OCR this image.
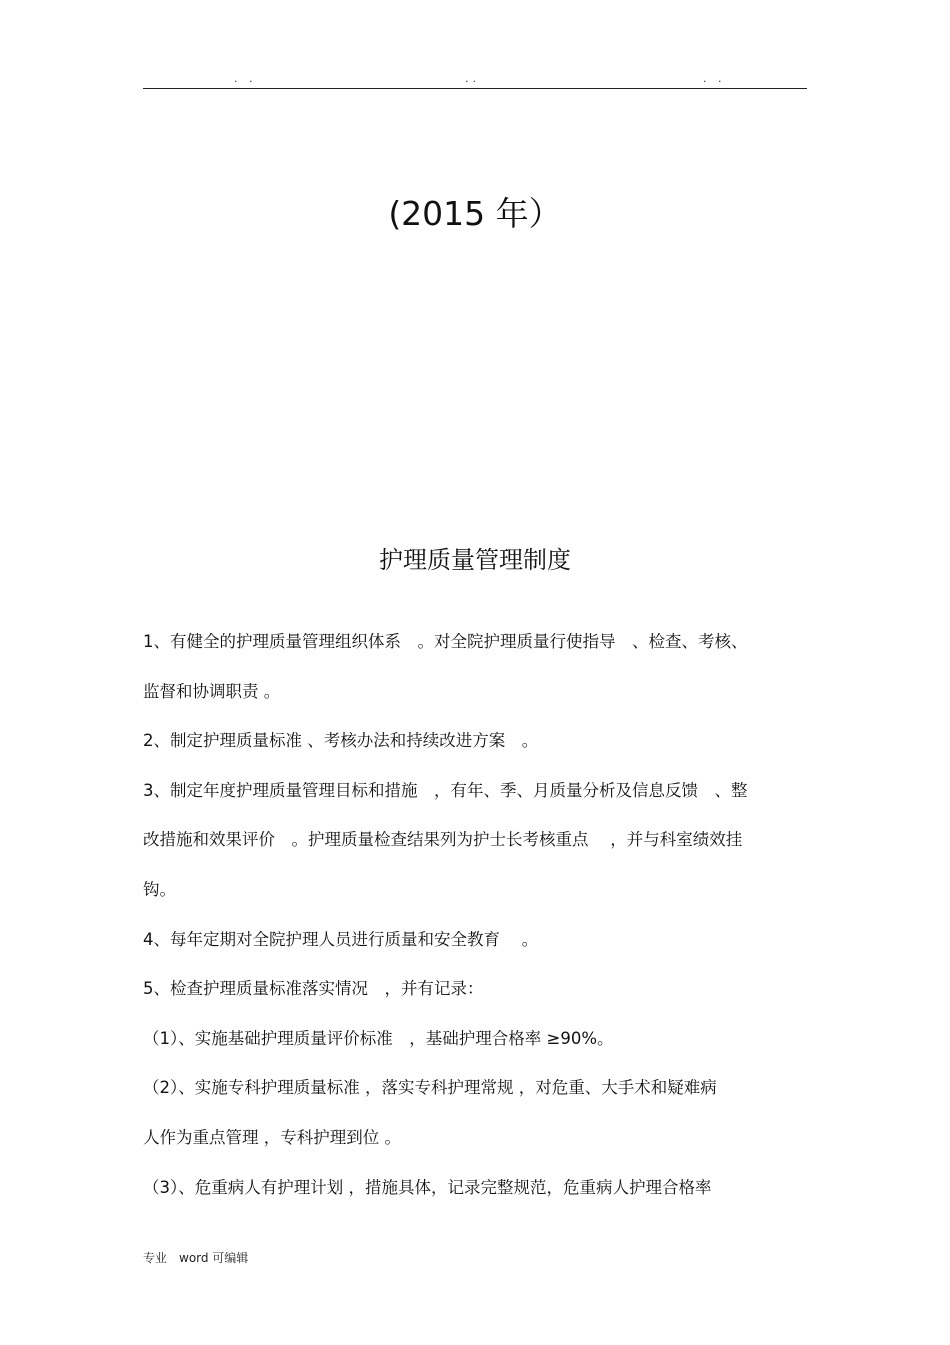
. .	..	. .
(2015 年）
护理质量管理制度

1、有健全的护理质量管理组织体系　。对全院护理质量行使指导　、检查、考核、

监督和协调职责 。

2、制定护理质量标准 、考核办法和持续改进方案　。

3、制定年度护理质量管理目标和措施　，有年、季、月质量分析及信息反馈　、整

改措施和效果评价　。护理质量检查结果列为护士长考核重点　 ，并与科室绩效挂

钩。

4、每年定期对全院护理人员进行质量和安全教育　 。

5、检查护理质量标准落实情况　，并有记录：

（1）、实施基础护理质量评价标准　，基础护理合格率 ≥90%。

（2）、实施专科护理质量标准 ，落实专科护理常规 ，对危重、大手术和疑难病

人作为重点管理 ，专科护理到位 。

（3）、危重病人有护理计划 ，措施具体，记录完整规范，危重病人护理合格率

专业　word 可编辑
